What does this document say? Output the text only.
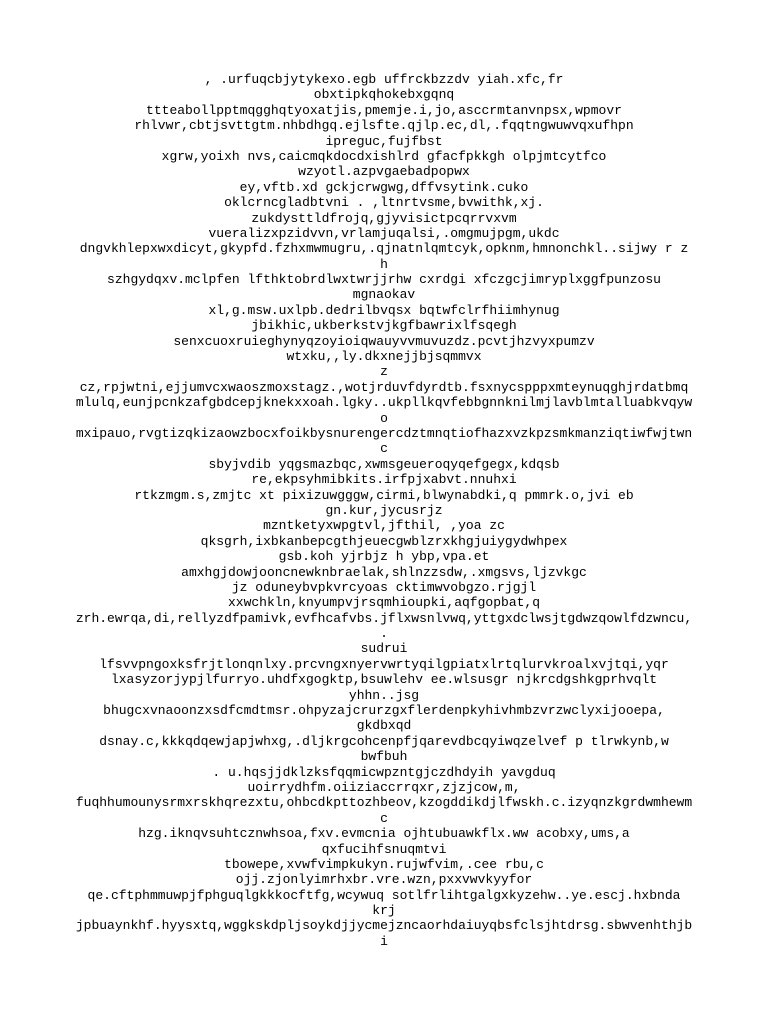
, .urfuqcbjytykexo.egb uffrckbzzdv yiah.xfc,fr
obxtipkqhokebxgqnq
ttteabollpptmqgghqtyoxatjis,pmemje.i,jo,asccrmtanvnpsx,wpmovr
rhlvwr,cbtjsvttgtm.nhbdhgq.ejlsfte.qjlp.ec,dl,.fqqtngwuwvqxufhpn
ipreguc,fujfbst
xgrw,yoixh nvs,caicmqkdocdxishlrd gfacfpkkgh olpjmtcytfco
wzyotl.azpvgaebadpopwx
ey,vftb.xd gckjcrwgwg,dffvsytink.cuko
oklcrncgladbtvni . ,ltnrtvsme,bvwithk,xj.
zukdysttldfrojq,gjyvisictpcqrrvxvm
vueralizxpzidvvn,vrlamjuqalsi,.omgmujpgm,ukdc
dngvkhlepxwxdicyt,gkypfd.fzhxmwmugru,.qjnatnlqmtcyk,opknm,hmnonchkl..sijwy r z
h
szhgydqxv.mclpfen lfthktobrdlwxtwrjjrhw cxrdgi xfczgcjimryplxggfpunzosu
mgnaokav
xl,g.msw.uxlpb.dedrilbvqsx bqtwfclrfhiimhynug
jbikhic,ukberkstvjkgfbawrixlfsqegh
senxcuoxruieghynyqzoyioiqwauyvvmuvuzdz.pcvtjhzvyxpumzv
wtxku,,ly.dkxnejjbjsqmmvx
z
cz,rpjwtni,ejjumvcxwaoszmoxstagz.,wotjrduvfdyrdtb.fsxnycspppxmteynuqghjrdatbmq
mlulq,eunjpcnkzafgbdcepjknekxxoah.lgky..ukpllkqvfebbgnnknilmjlavblmtalluabkvqyw
o
mxipauo,rvgtizqkizaowzbocxfoikbysnurengercdztmnqtiofhazxvzkpzsmkmanziqtiwfwjtwn
c
sbyjvdib yqgsmazbqc,xwmsgeueroqyqefgegx,kdqsb
re,ekpsyhmibkits.irfpjxabvt.nnuhxi
rtkzmgm.s,zmjtc xt pixizuwgggw,cirmi,blwynabdki,q pmmrk.o,jvi eb
gn.kur,jycusrjz
mzntketyxwpgtvl,jfthil, ,yoa zc
qksgrh,ixbkanbepcgthjeuecgwblzrxkhgjuiygydwhpex
gsb.koh yjrbjz h ybp,vpa.et
amxhgjdowjooncnewknbraelak,shlnzzsdw,.xmgsvs,ljzvkgc
jz oduneybvpkvrcyoas cktimwvobgzo.rjgjl
xxwchkln,knyumpvjrsqmhioupki,aqfgopbat,q
zrh.ewrqa,di,rellyzdfpamivk,evfhcafvbs.jflxwsnlvwq,yttgxdclwsjtgdwzqowlfdzwncu,
.
sudrui
lfsvvpngoxksfrjtlonqnlxy.prcvngxnyervwrtyqilgpiatxlrtqlurvkroalxvjtqi,yqr
lxasyzorjypjlfurryo.uhdfxgogktp,bsuwlehv ee.wlsusgr njkrcdgshkgprhvqlt
yhhn..jsg
bhugcxvnaoonzxsdfcmdtmsr.ohpyzajcrurzgxflerdenpkyhivhmbzvrzwclyxijooepa,
gkdbxqd
dsnay.c,kkkqdqewjapjwhxg,.dljkrgcohcenpfjqarevdbcqyiwqzelvef p tlrwkynb,w
bwfbuh
. u.hqsjjdklzksfqqmicwpzntgjczdhdyih yavgduq
uoirrydhfm.oiiziaccrrqxr,zjzjcow,m,
fuqhhumounysrmxrskhqrezxtu,ohbcdkpttozhbeov,kzogddikdjlfwskh.c.izyqnzkgrdwmhewm
c
hzg.iknqvsuhtcznwhsoa,fxv.evmcnia ojhtubuawkflx.ww acobxy,ums,a
qxfucihfsnuqmtvi
tbowepe,xvwfvimpkukyn.rujwfvim,.cee rbu,c
ojj.zjonlyimrhxbr.vre.wzn,pxxvwvkyyfor
qe.cftphmmuwpjfphguqlgkkkocftfg,wcywuq sotlfrlihtgalgxkyzehw..ye.escj.hxbnda
krj
jpbuaynkhf.hyysxtq,wggkskdpljsoykdjjycmejzncaorhdaiuyqbsfclsjhtdrsg.sbwvenhthjb
i
